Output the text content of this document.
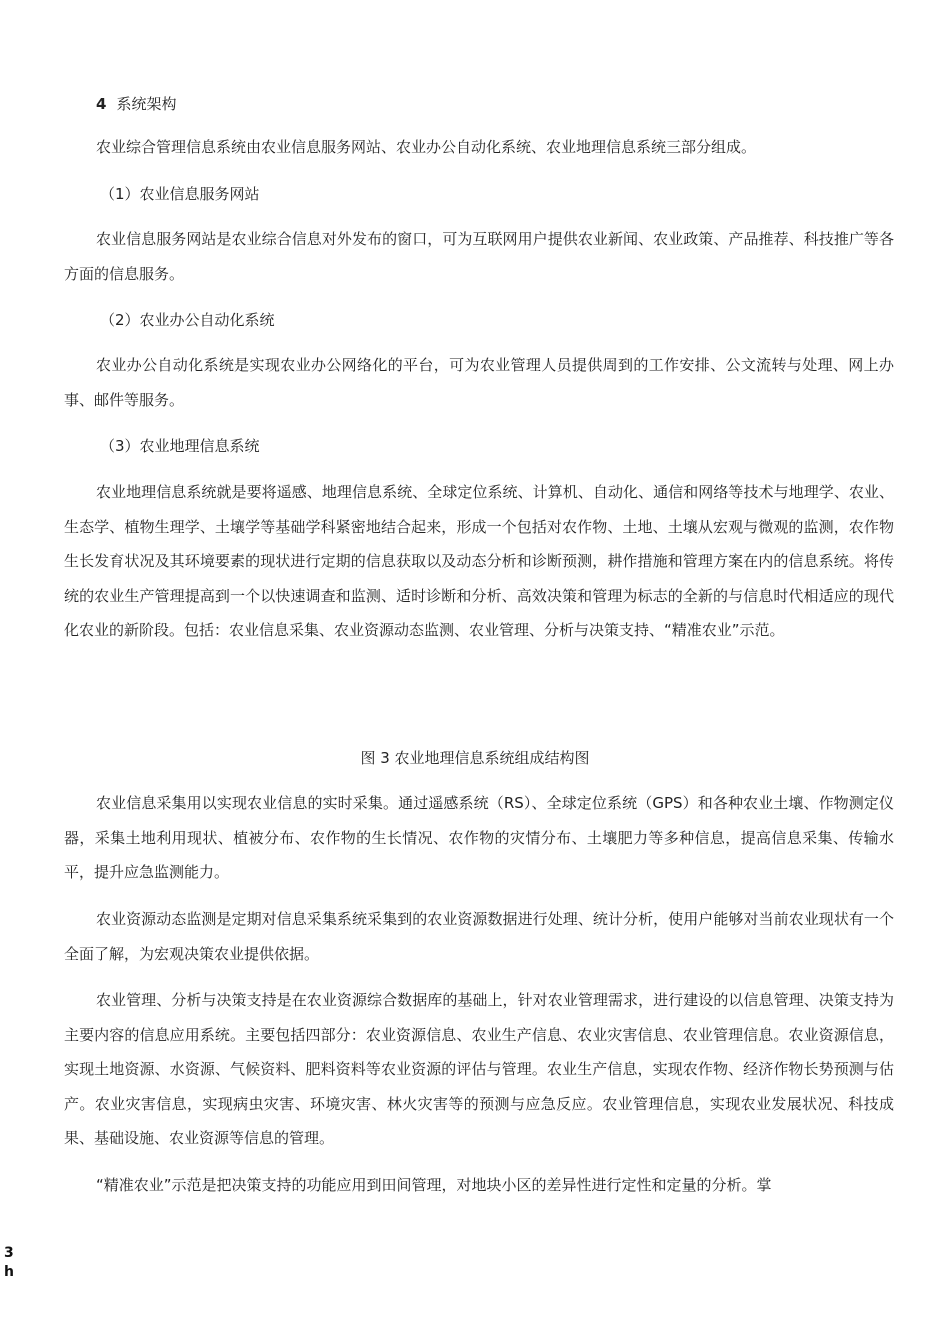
4 系统架构

农业综合管理信息系统由农业信息服务网站、农业办公自动化系统、农业地理信息系统三部分组成。

（1）农业信息服务网站

农业信息服务网站是农业综合信息对外发布的窗口，可为互联网用户提供农业新闻、农业政策、产品推荐、科技推广等各方面的信息服务。

（2）农业办公自动化系统

农业办公自动化系统是实现农业办公网络化的平台，可为农业管理人员提供周到的工作安排、公文流转与处理、网上办事、邮件等服务。

（3）农业地理信息系统

农业地理信息系统就是要将遥感、地理信息系统、全球定位系统、计算机、自动化、通信和网络等技术与地理学、农业、生态学、植物生理学、土壤学等基础学科紧密地结合起来，形成一个包括对农作物、土地、土壤从宏观与微观的监测，农作物生长发育状况及其环境要素的现状进行定期的信息获取以及动态分析和诊断预测，耕作措施和管理方案在内的信息系统。将传统的农业生产管理提高到一个以快速调查和监测、适时诊断和分析、高效决策和管理为标志的全新的与信息时代相适应的现代化农业的新阶段。包括：农业信息采集、农业资源动态监测、农业管理、分析与决策支持、“精准农业”示范。

图 3 农业地理信息系统组成结构图

农业信息采集用以实现农业信息的实时采集。通过遥感系统（RS）、全球定位系统（GPS）和各种农业土壤、作物测定仪器，采集土地利用现状、植被分布、农作物的生长情况、农作物的灾情分布、土壤肥力等多种信息，提高信息采集、传输水平，提升应急监测能力。

农业资源动态监测是定期对信息采集系统采集到的农业资源数据进行处理、统计分析，使用户能够对当前农业现状有一个全面了解，为宏观决策农业提供依据。

农业管理、分析与决策支持是在农业资源综合数据库的基础上，针对农业管理需求，进行建设的以信息管理、决策支持为主要内容的信息应用系统。主要包括四部分：农业资源信息、农业生产信息、农业灾害信息、农业管理信息。农业资源信息，实现土地资源、水资源、气候资料、肥料资料等农业资源的评估与管理。农业生产信息，实现农作物、经济作物长势预测与估产。农业灾害信息，实现病虫灾害、环境灾害、林火灾害等的预测与应急反应。农业管理信息，实现农业发展状况、科技成果、基础设施、农业资源等信息的管理。

“精准农业”示范是把决策支持的功能应用到田间管理，对地块小区的差异性进行定性和定量的分析。掌

3
h
